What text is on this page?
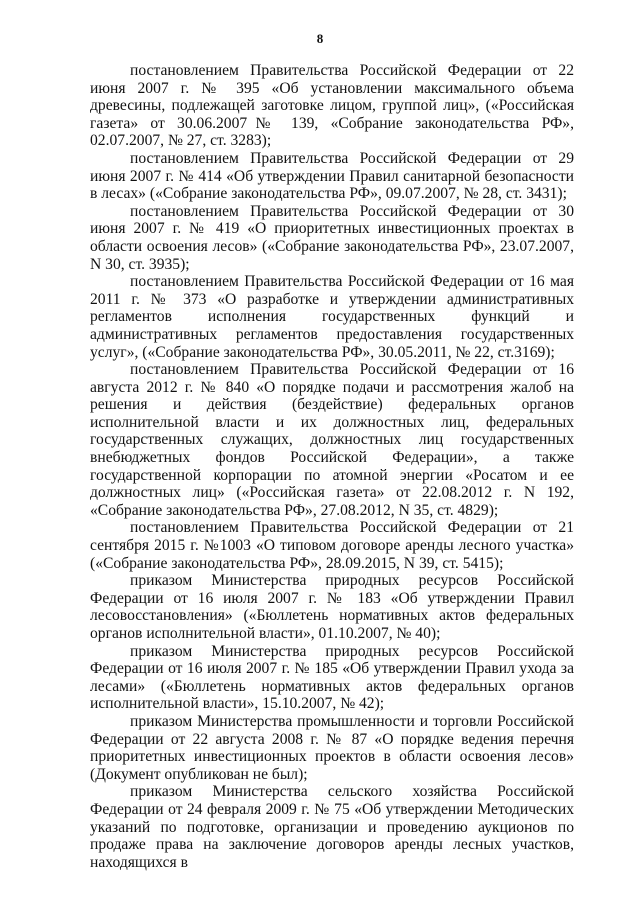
8

постановлением Правительства Российской Федерации от 22 июня 2007 г. № 395 «Об установлении максимального объема древесины, подлежащей заготовке лицом, группой лиц», («Российская газета» от 30.06.2007№ 139, «Собрание законодательства РФ», 02.07.2007, № 27, ст. 3283);

постановлением Правительства Российской Федерации от 29 июня 2007 г. № 414 «Об утверждении Правил санитарной безопасности в лесах» («Собрание законодательства РФ», 09.07.2007, № 28, ст. 3431);

постановлением Правительства Российской Федерации от 30 июня 2007 г. № 419 «О приоритетных инвестиционных проектах в области освоения лесов» («Собрание законодательства РФ», 23.07.2007, N 30, ст. 3935);

постановлением Правительства Российской Федерации от 16 мая 2011 г. № 373 «О разработке и утверждении административных регламентов исполнения государственных функций и административных регламентов предоставления государственных услуг», («Собрание законодательства РФ», 30.05.2011, № 22, ст.3169);

постановлением Правительства Российской Федерации от 16 августа 2012 г. № 840 «О порядке подачи и рассмотрения жалоб на решения и действия (бездействие) федеральных органов исполнительной власти и их должностных лиц, федеральных государственных служащих, должностных лиц государственных внебюджетных фондов Российской Федерации», а также государственной корпорации по атомной энергии «Росатом и ее должностных лиц» («Российская газета» от 22.08.2012 г. N 192, «Собрание законодательства РФ», 27.08.2012, N 35, ст. 4829);

постановлением Правительства Российской Федерации от 21 сентября 2015 г. №1003 «О типовом договоре аренды лесного участка» («Собрание законодательства РФ», 28.09.2015, N 39, ст. 5415);

приказом Министерства природных ресурсов Российской Федерации от 16 июля 2007 г. № 183 «Об утверждении Правил лесовосстановления» («Бюллетень нормативных актов федеральных органов исполнительной власти», 01.10.2007, № 40);

приказом Министерства природных ресурсов Российской Федерации от 16 июля 2007 г. № 185 «Об утверждении Правил ухода за лесами» («Бюллетень нормативных актов федеральных органов исполнительной власти», 15.10.2007, № 42);

приказом Министерства промышленности и торговли Российской Федерации от 22 августа 2008 г. № 87 «О порядке ведения перечня приоритетных инвестиционных проектов в области освоения лесов» (Документ опубликован не был);

приказом Министерства сельского хозяйства Российской Федерации от 24 февраля 2009 г. № 75 «Об утверждении Методических указаний по подготовке, организации и проведению аукционов по продаже права на заключение договоров аренды лесных участков, находящихся в
